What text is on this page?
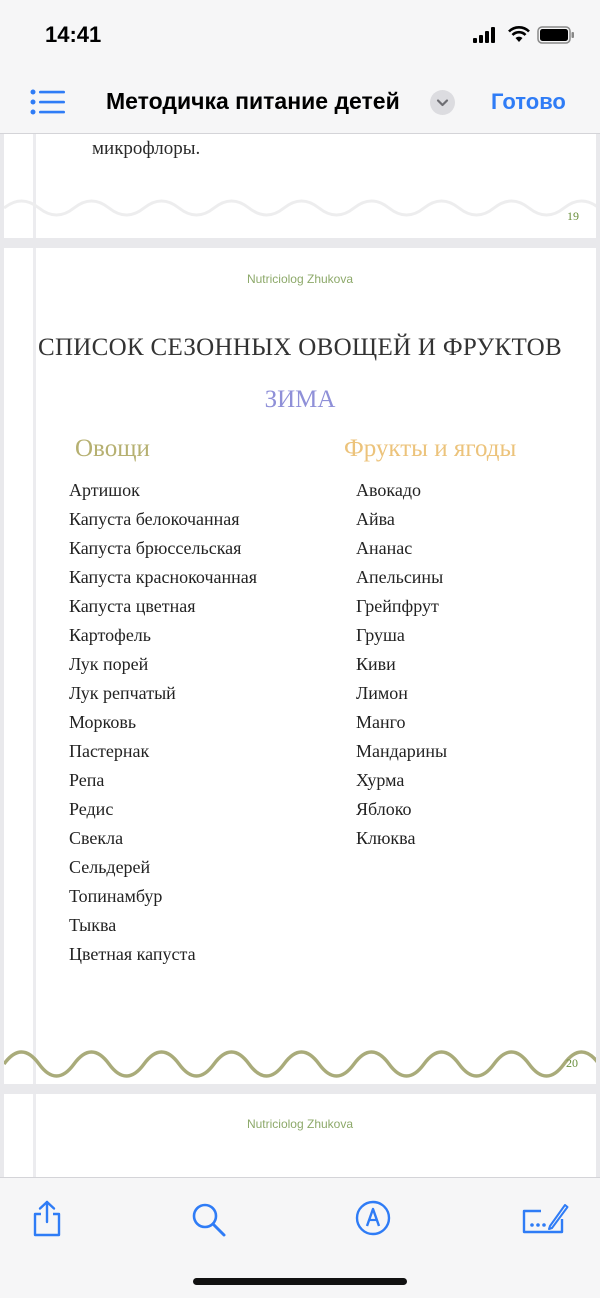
14:41
Методичка питание детей	Готово
микрофлоры.
19
Nutriciolog Zhukova
СПИСОК СЕЗОННЫХ ОВОЩЕЙ И ФРУКТОВ
ЗИМА
Овощи	Фрукты и ягоды
Артишок
Капуста белокочанная
Капуста брюссельская
Капуста краснокочанная
Капуста цветная
Картофель
Лук порей
Лук репчатый
Морковь
Пастернак
Репа
Редис
Свекла
Сельдерей
Топинамбур
Тыква
Цветная капуста
Авокадо
Айва
Ананас
Апельсины
Грейпфрут
Груша
Киви
Лимон
Манго
Мандарины
Хурма
Яблоко
Клюква
20
Nutriciolog Zhukova
